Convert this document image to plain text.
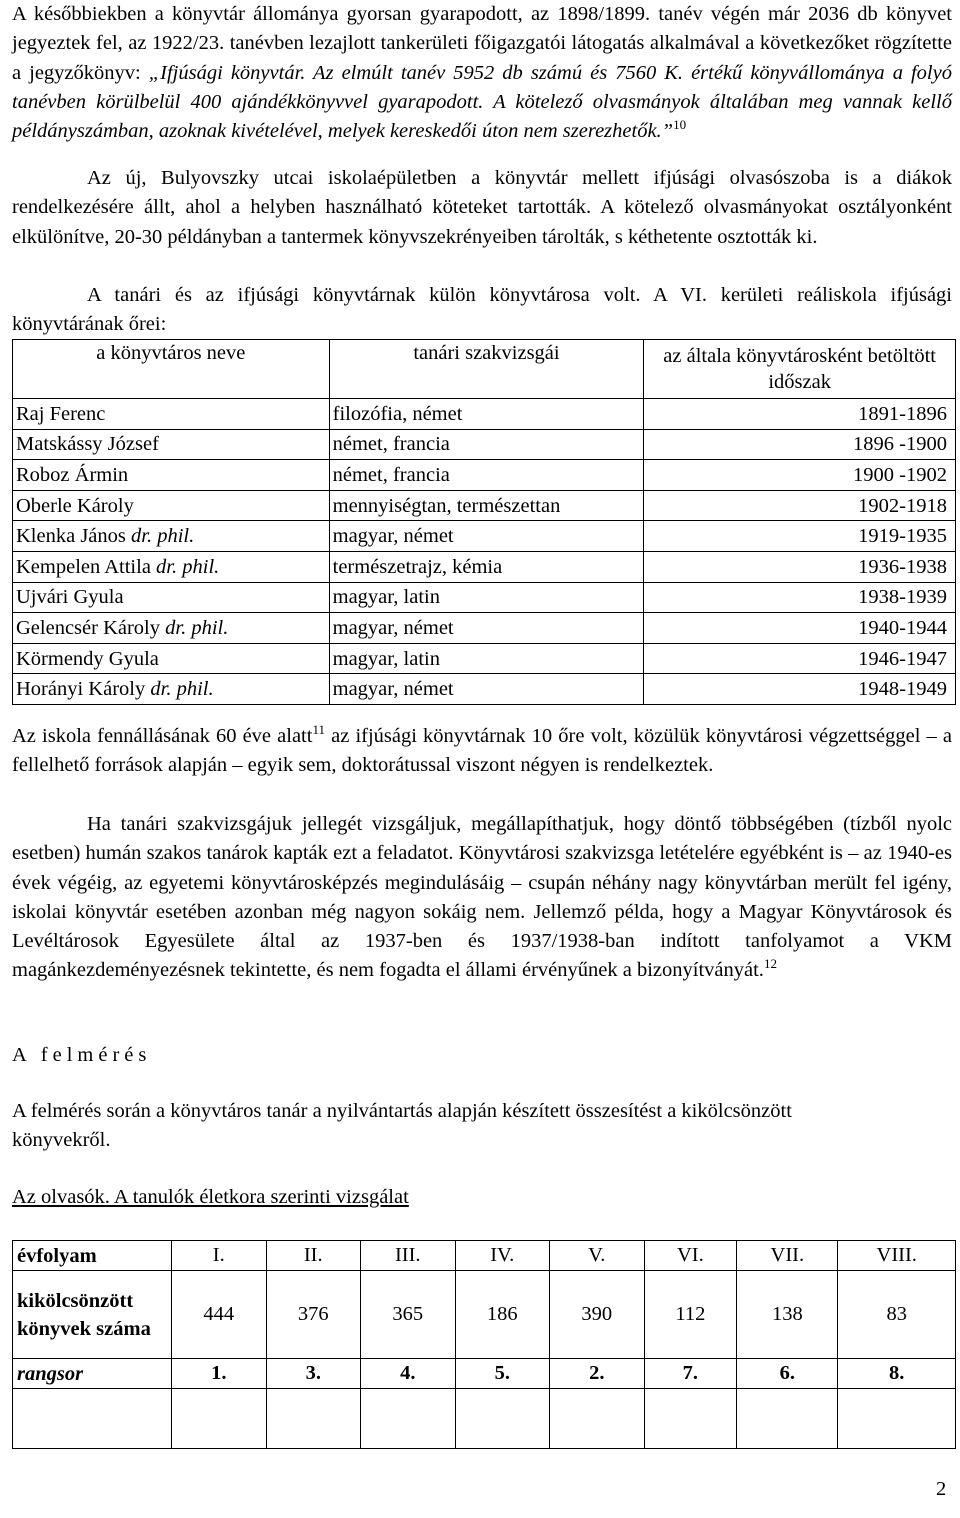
A későbbiekben a könyvtár állománya gyorsan gyarapodott, az 1898/1899. tanév végén már 2036 db könyvet jegyeztek fel, az 1922/23. tanévben lezajlott tankerületi főigazgatói látogatás alkalmával a következőket rögzítette a jegyzőkönyv: „Ifjúsági könyvtár. Az elmúlt tanév 5952 db számú és 7560 K. értékű könyvállománya a folyó tanévben körülbelül 400 ajándékkönyvvel gyarapodott. A kötelező olvasmányok általában meg vannak kellő példányszámban, azoknak kivételével, melyek kereskedői úton nem szerezhetők.”$^{10}$

Az új, Bulyovszky utcai iskolaépületben a könyvtár mellett ifjúsági olvasószoba is a diákok rendelkezésére állt, ahol a helyben használható köteteket tartották. A kötelező olvasmányokat osztályonként elkülönítve, 20-30 példányban a tantermek könyvszekrényeiben tárolták, s kéthetente osztották ki.

A tanári és az ifjúsági könyvtárnak külön könyvtárosa volt. A VI. kerületi reáliskola ifjúsági könyvtárának őrei:

a könyvtáros neve	tanári szakvizsgái	az általa könyvtárosként betöltött időszak
Raj Ferenc	filozófia, német	1891-1896
Matskássy József	német, francia	1896 -1900
Roboz Ármin	német, francia	1900 -1902
Oberle Károly	mennyiségtan, természettan	1902-1918
Klenka János dr. phil.	magyar, német	1919-1935
Kempelen Attila dr. phil.	természetrajz, kémia	1936-1938
Ujvári Gyula	magyar, latin	1938-1939
Gelencsér Károly dr. phil.	magyar, német	1940-1944
Körmendy Gyula	magyar, latin	1946-1947
Horányi Károly dr. phil.	magyar, német	1948-1949

Az iskola fennállásának 60 éve alatt$^{11}$ az ifjúsági könyvtárnak 10 őre volt, közülük könyvtárosi végzettséggel – a fellelhető források alapján – egyik sem, doktorátussal viszont négyen is rendelkeztek.

Ha tanári szakvizsgájuk jellegét vizsgáljuk, megállapíthatjuk, hogy döntő többségében (tízből nyolc esetben) humán szakos tanárok kapták ezt a feladatot. Könyvtárosi szakvizsga letételére egyébként is – az 1940-es évek végéig, az egyetemi könyvtárosképzés megindulásáig – csupán néhány nagy könyvtárban merült fel igény, iskolai könyvtár esetében azonban még nagyon sokáig nem. Jellemző példa, hogy a Magyar Könyvtárosok és Levéltárosok Egyesülete által az 1937-ben és 1937/1938-ban indított tanfolyamot a VKM magánkezdeményezésnek tekintette, és nem fogadta el állami érvényűnek a bizonyítványát.$^{12}$

A felmérés

A felmérés során a könyvtáros tanár a nyilvántartás alapján készített összesítést a kikölcsönzött könyvekről.

Az olvasók. A tanulók életkora szerinti vizsgálat

évfolyam	I.	II.	III.	IV.	V.	VI.	VII.	VIII.
kikölcsönzött könyvek száma	444	376	365	186	390	112	138	83
rangsor	1.	3.	4.	5.	2.	7.	6.	8.

2
